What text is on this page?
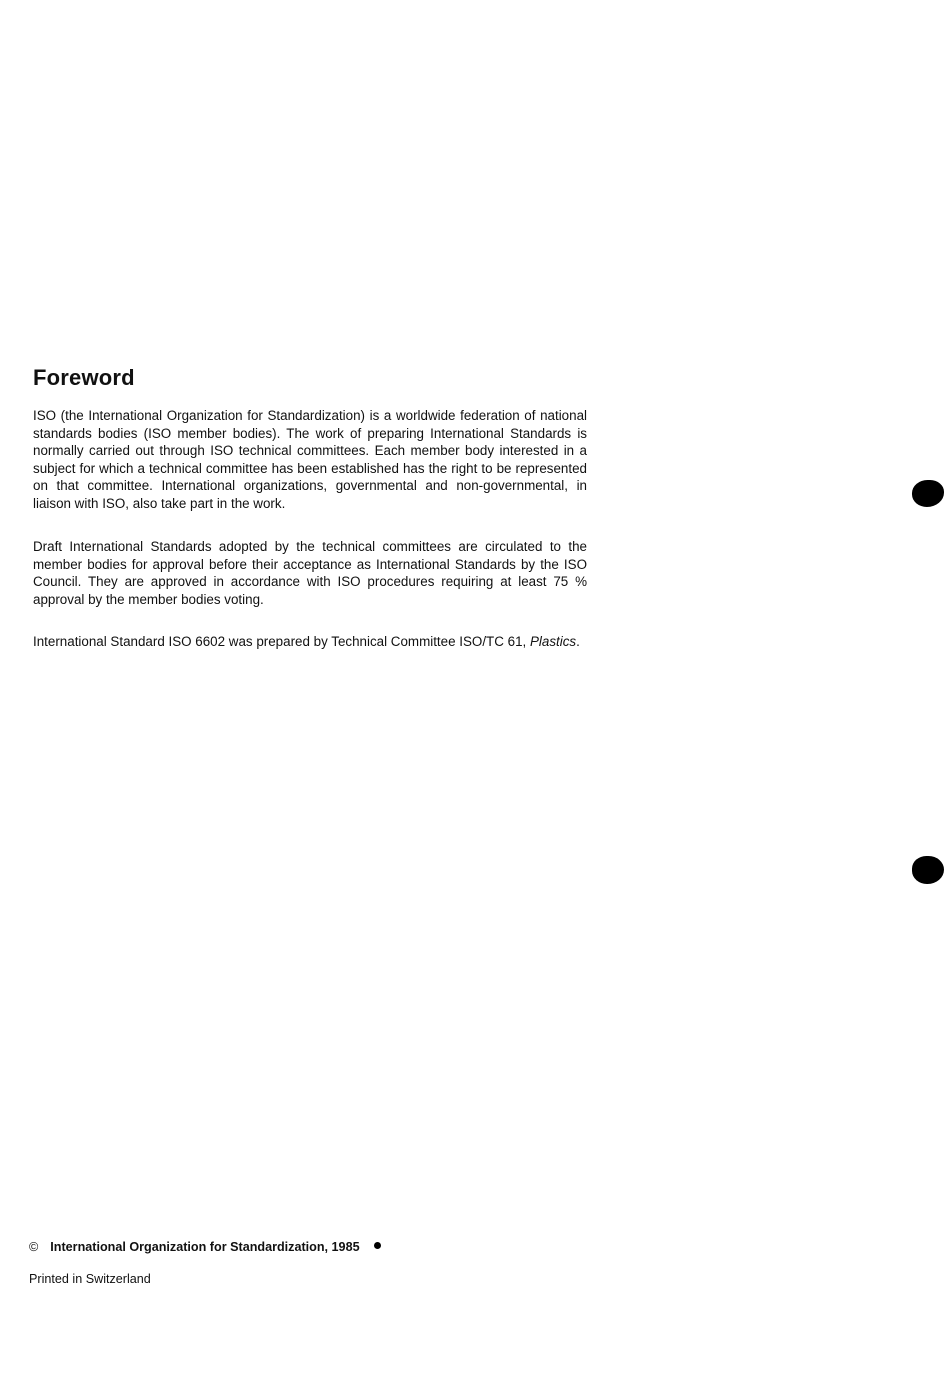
Foreword

ISO (the International Organization for Standardization) is a worldwide federation of national standards bodies (ISO member bodies). The work of preparing International Standards is normally carried out through ISO technical committees. Each member body interested in a subject for which a technical committee has been established has the right to be represented on that committee. International organizations, governmental and non-governmental, in liaison with ISO, also take part in the work.

Draft International Standards adopted by the technical committees are circulated to the member bodies for approval before their acceptance as International Standards by the ISO Council. They are approved in accordance with ISO procedures requiring at least 75 % approval by the member bodies voting.

International Standard ISO 6602 was prepared by Technical Committee ISO/TC 61, Plastics.

© International Organization for Standardization, 1985
Printed in Switzerland
